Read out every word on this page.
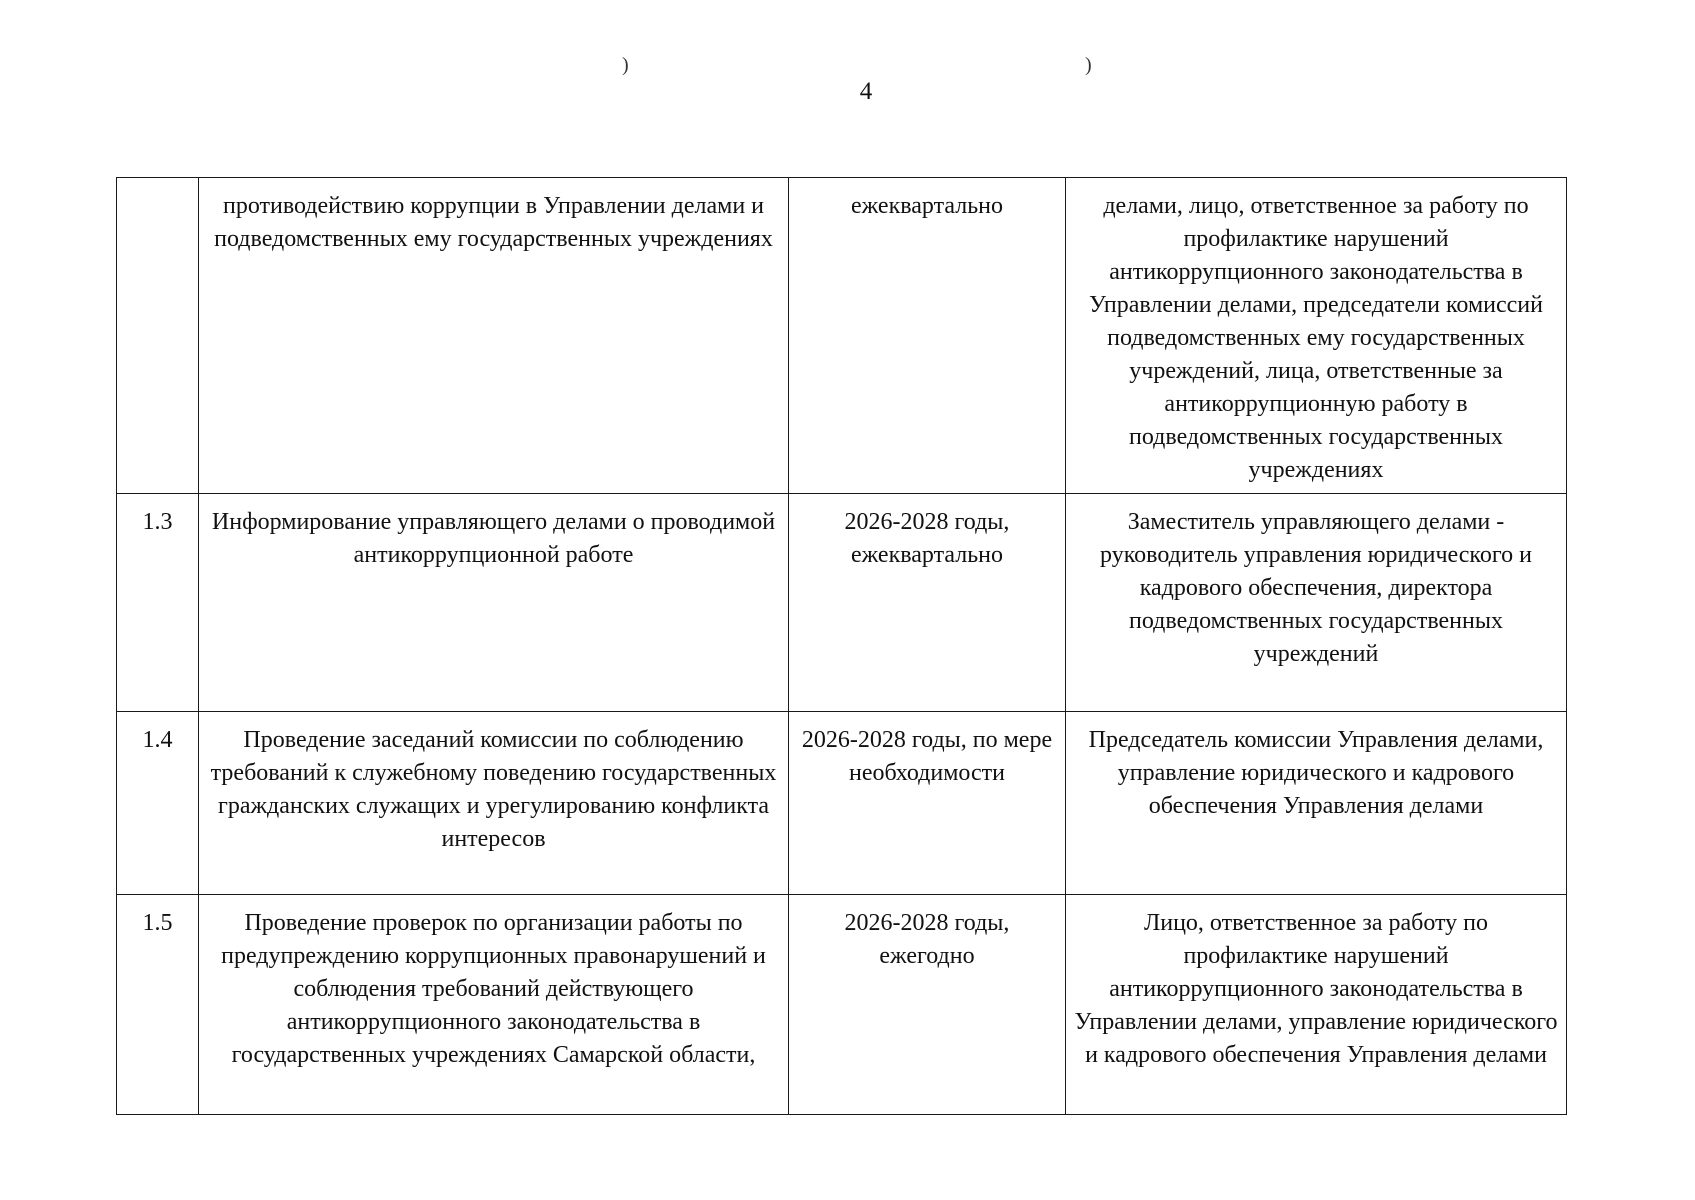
)	)
4
	противодействию коррупции в Управлении делами и подведомственных ему государственных учреждениях	ежеквартально	делами, лицо, ответственное за работу по профилактике нарушений антикоррупционного законодательства в Управлении делами, председатели комиссий подведомственных ему государственных учреждений, лица, ответственные за антикоррупционную работу в подведомственных государственных учреждениях
1.3	Информирование управляющего делами о проводимой антикоррупционной работе	2026-2028 годы, ежеквартально	Заместитель управляющего делами - руководитель управления юридического и кадрового обеспечения, директора подведомственных государственных учреждений
1.4	Проведение заседаний комиссии по соблюдению требований к служебному поведению государственных гражданских служащих и урегулированию конфликта интересов	2026-2028 годы, по мере необходимости	Председатель комиссии Управления делами, управление юридического и кадрового обеспечения Управления делами
1.5	Проведение проверок по организации работы по предупреждению коррупционных правонарушений и соблюдения требований действующего антикоррупционного законодательства в государственных учреждениях Самарской области,	2026-2028 годы, ежегодно	Лицо, ответственное за работу по профилактике нарушений антикоррупционного законодательства в Управлении делами, управление юридического и кадрового обеспечения Управления делами
